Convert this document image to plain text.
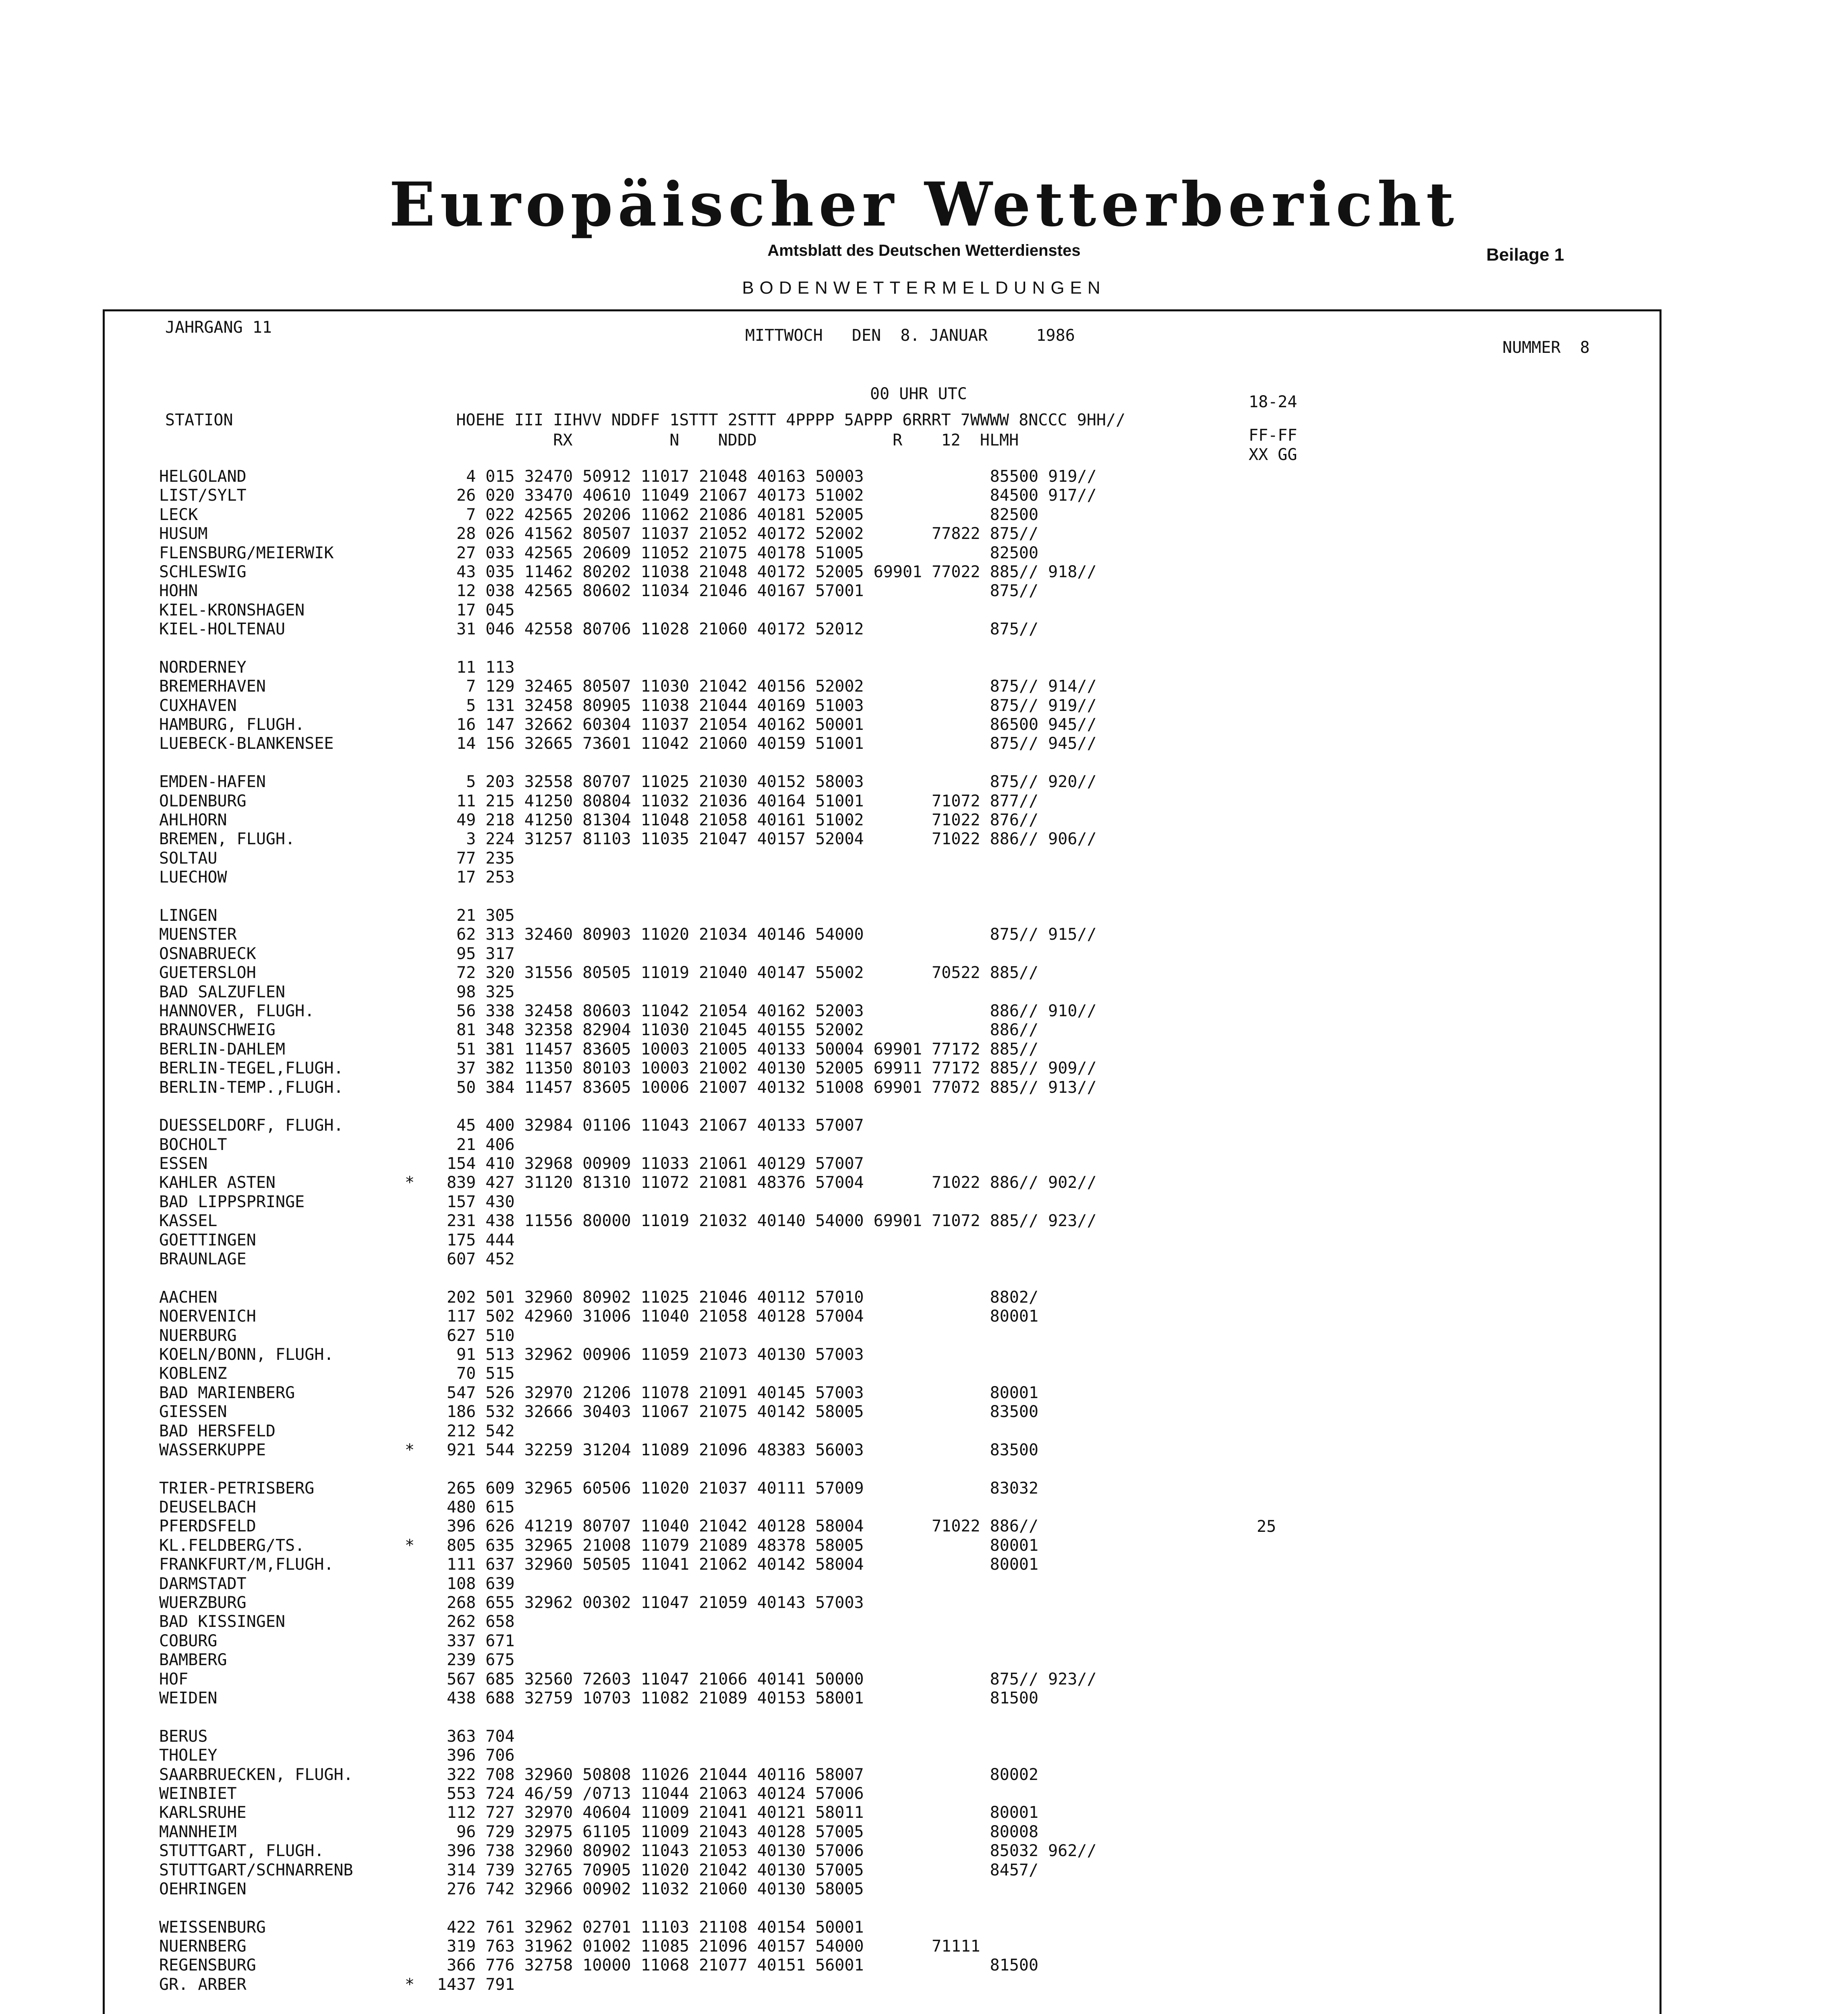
Europäischer Wetterbericht
Amtsblatt des Deutschen Wetterdienstes	Beilage 1
BODENWETTERMELDUNGEN
JAHRGANG 11	MITTWOCH   DEN  8. JANUAR     1986
NUMMER  8
00 UHR UTC	18-24
STATION                       HOEHE III IIHVV NDDFF 1STTT 2STTT 4PPPP 5APPP 6RRRT 7WWWW 8NCCC 9HH//
RX          N    NDDD              R    12  HLMH	FF-FF
XX GG
HELGOLAND	4 015 32470 50912 11017 21048 40163 50003             85500 919//
LIST/SYLT	26 020 33470 40610 11049 21067 40173 51002             84500 917//
LECK	7 022 42565 20206 11062 21086 40181 52005             82500
HUSUM	28 026 41562 80507 11037 21052 40172 52002       77822 875//
FLENSBURG/MEIERWIK	27 033 42565 20609 11052 21075 40178 51005             82500
SCHLESWIG	43 035 11462 80202 11038 21048 40172 52005 69901 77022 885// 918//
HOHN	12 038 42565 80602 11034 21046 40167 57001             875//
KIEL-KRONSHAGEN	17 045
KIEL-HOLTENAU	31 046 42558 80706 11028 21060 40172 52012             875//
NORDERNEY	11 113
BREMERHAVEN	7 129 32465 80507 11030 21042 40156 52002             875// 914//
CUXHAVEN	5 131 32458 80905 11038 21044 40169 51003             875// 919//
HAMBURG, FLUGH.	16 147 32662 60304 11037 21054 40162 50001             86500 945//
LUEBECK-BLANKENSEE	14 156 32665 73601 11042 21060 40159 51001             875// 945//
EMDEN-HAFEN	5 203 32558 80707 11025 21030 40152 58003             875// 920//
OLDENBURG	11 215 41250 80804 11032 21036 40164 51001       71072 877//
AHLHORN	49 218 41250 81304 11048 21058 40161 51002       71022 876//
BREMEN, FLUGH.	3 224 31257 81103 11035 21047 40157 52004       71022 886// 906//
SOLTAU	77 235
LUECHOW	17 253
LINGEN	21 305
MUENSTER	62 313 32460 80903 11020 21034 40146 54000             875// 915//
OSNABRUECK	95 317
GUETERSLOH	72 320 31556 80505 11019 21040 40147 55002       70522 885//
BAD SALZUFLEN	98 325
HANNOVER, FLUGH.	56 338 32458 80603 11042 21054 40162 52003             886// 910//
BRAUNSCHWEIG	81 348 32358 82904 11030 21045 40155 52002             886//
BERLIN-DAHLEM	51 381 11457 83605 10003 21005 40133 50004 69901 77172 885//
BERLIN-TEGEL,FLUGH.	37 382 11350 80103 10003 21002 40130 52005 69911 77172 885// 909//
BERLIN-TEMP.,FLUGH.	50 384 11457 83605 10006 21007 40132 51008 69901 77072 885// 913//
DUESSELDORF, FLUGH.	45 400 32984 01106 11043 21067 40133 57007
BOCHOLT	21 406
ESSEN	154 410 32968 00909 11033 21061 40129 57007
KAHLER ASTEN	*	839 427 31120 81310 11072 21081 48376 57004       71022 886// 902//
BAD LIPPSPRINGE	157 430
KASSEL	231 438 11556 80000 11019 21032 40140 54000 69901 71072 885// 923//
GOETTINGEN	175 444
BRAUNLAGE	607 452
AACHEN	202 501 32960 80902 11025 21046 40112 57010             8802/
NOERVENICH	117 502 42960 31006 11040 21058 40128 57004             80001
NUERBURG	627 510
KOELN/BONN, FLUGH.	91 513 32962 00906 11059 21073 40130 57003
KOBLENZ	70 515
BAD MARIENBERG	547 526 32970 21206 11078 21091 40145 57003             80001
GIESSEN	186 532 32666 30403 11067 21075 40142 58005             83500
BAD HERSFELD	212 542
WASSERKUPPE	*	921 544 32259 31204 11089 21096 48383 56003             83500
TRIER-PETRISBERG	265 609 32965 60506 11020 21037 40111 57009             83032
DEUSELBACH	480 615
PFERDSFELD	396 626 41219 80707 11040 21042 40128 58004       71022 886//
KL.FELDBERG/TS.	*	805 635 32965 21008 11079 21089 48378 58005             80001
FRANKFURT/M,FLUGH.	111 637 32960 50505 11041 21062 40142 58004             80001
DARMSTADT	108 639
WUERZBURG	268 655 32962 00302 11047 21059 40143 57003
BAD KISSINGEN	262 658
COBURG	337 671
BAMBERG	239 675
HOF	567 685 32560 72603 11047 21066 40141 50000             875// 923//
WEIDEN	438 688 32759 10703 11082 21089 40153 58001             81500
BERUS	363 704
THOLEY	396 706
SAARBRUECKEN, FLUGH.	322 708 32960 50808 11026 21044 40116 58007             80002
WEINBIET	553 724 46/59 /0713 11044 21063 40124 57006
KARLSRUHE	112 727 32970 40604 11009 21041 40121 58011             80001
MANNHEIM	96 729 32975 61105 11009 21043 40128 57005             80008
STUTTGART, FLUGH.	396 738 32960 80902 11043 21053 40130 57006             85032 962//
STUTTGART/SCHNARRENB	314 739 32765 70905 11020 21042 40130 57005             8457/
OEHRINGEN	276 742 32966 00902 11032 21060 40130 58005
WEISSENBURG	422 761 32962 02701 11103 21108 40154 50001
NUERNBERG	319 763 31962 01002 11085 21096 40157 54000       71111
REGENSBURG	366 776 32758 10000 11068 21077 40151 56001             81500
GR. ARBER	*	1437 791
25
